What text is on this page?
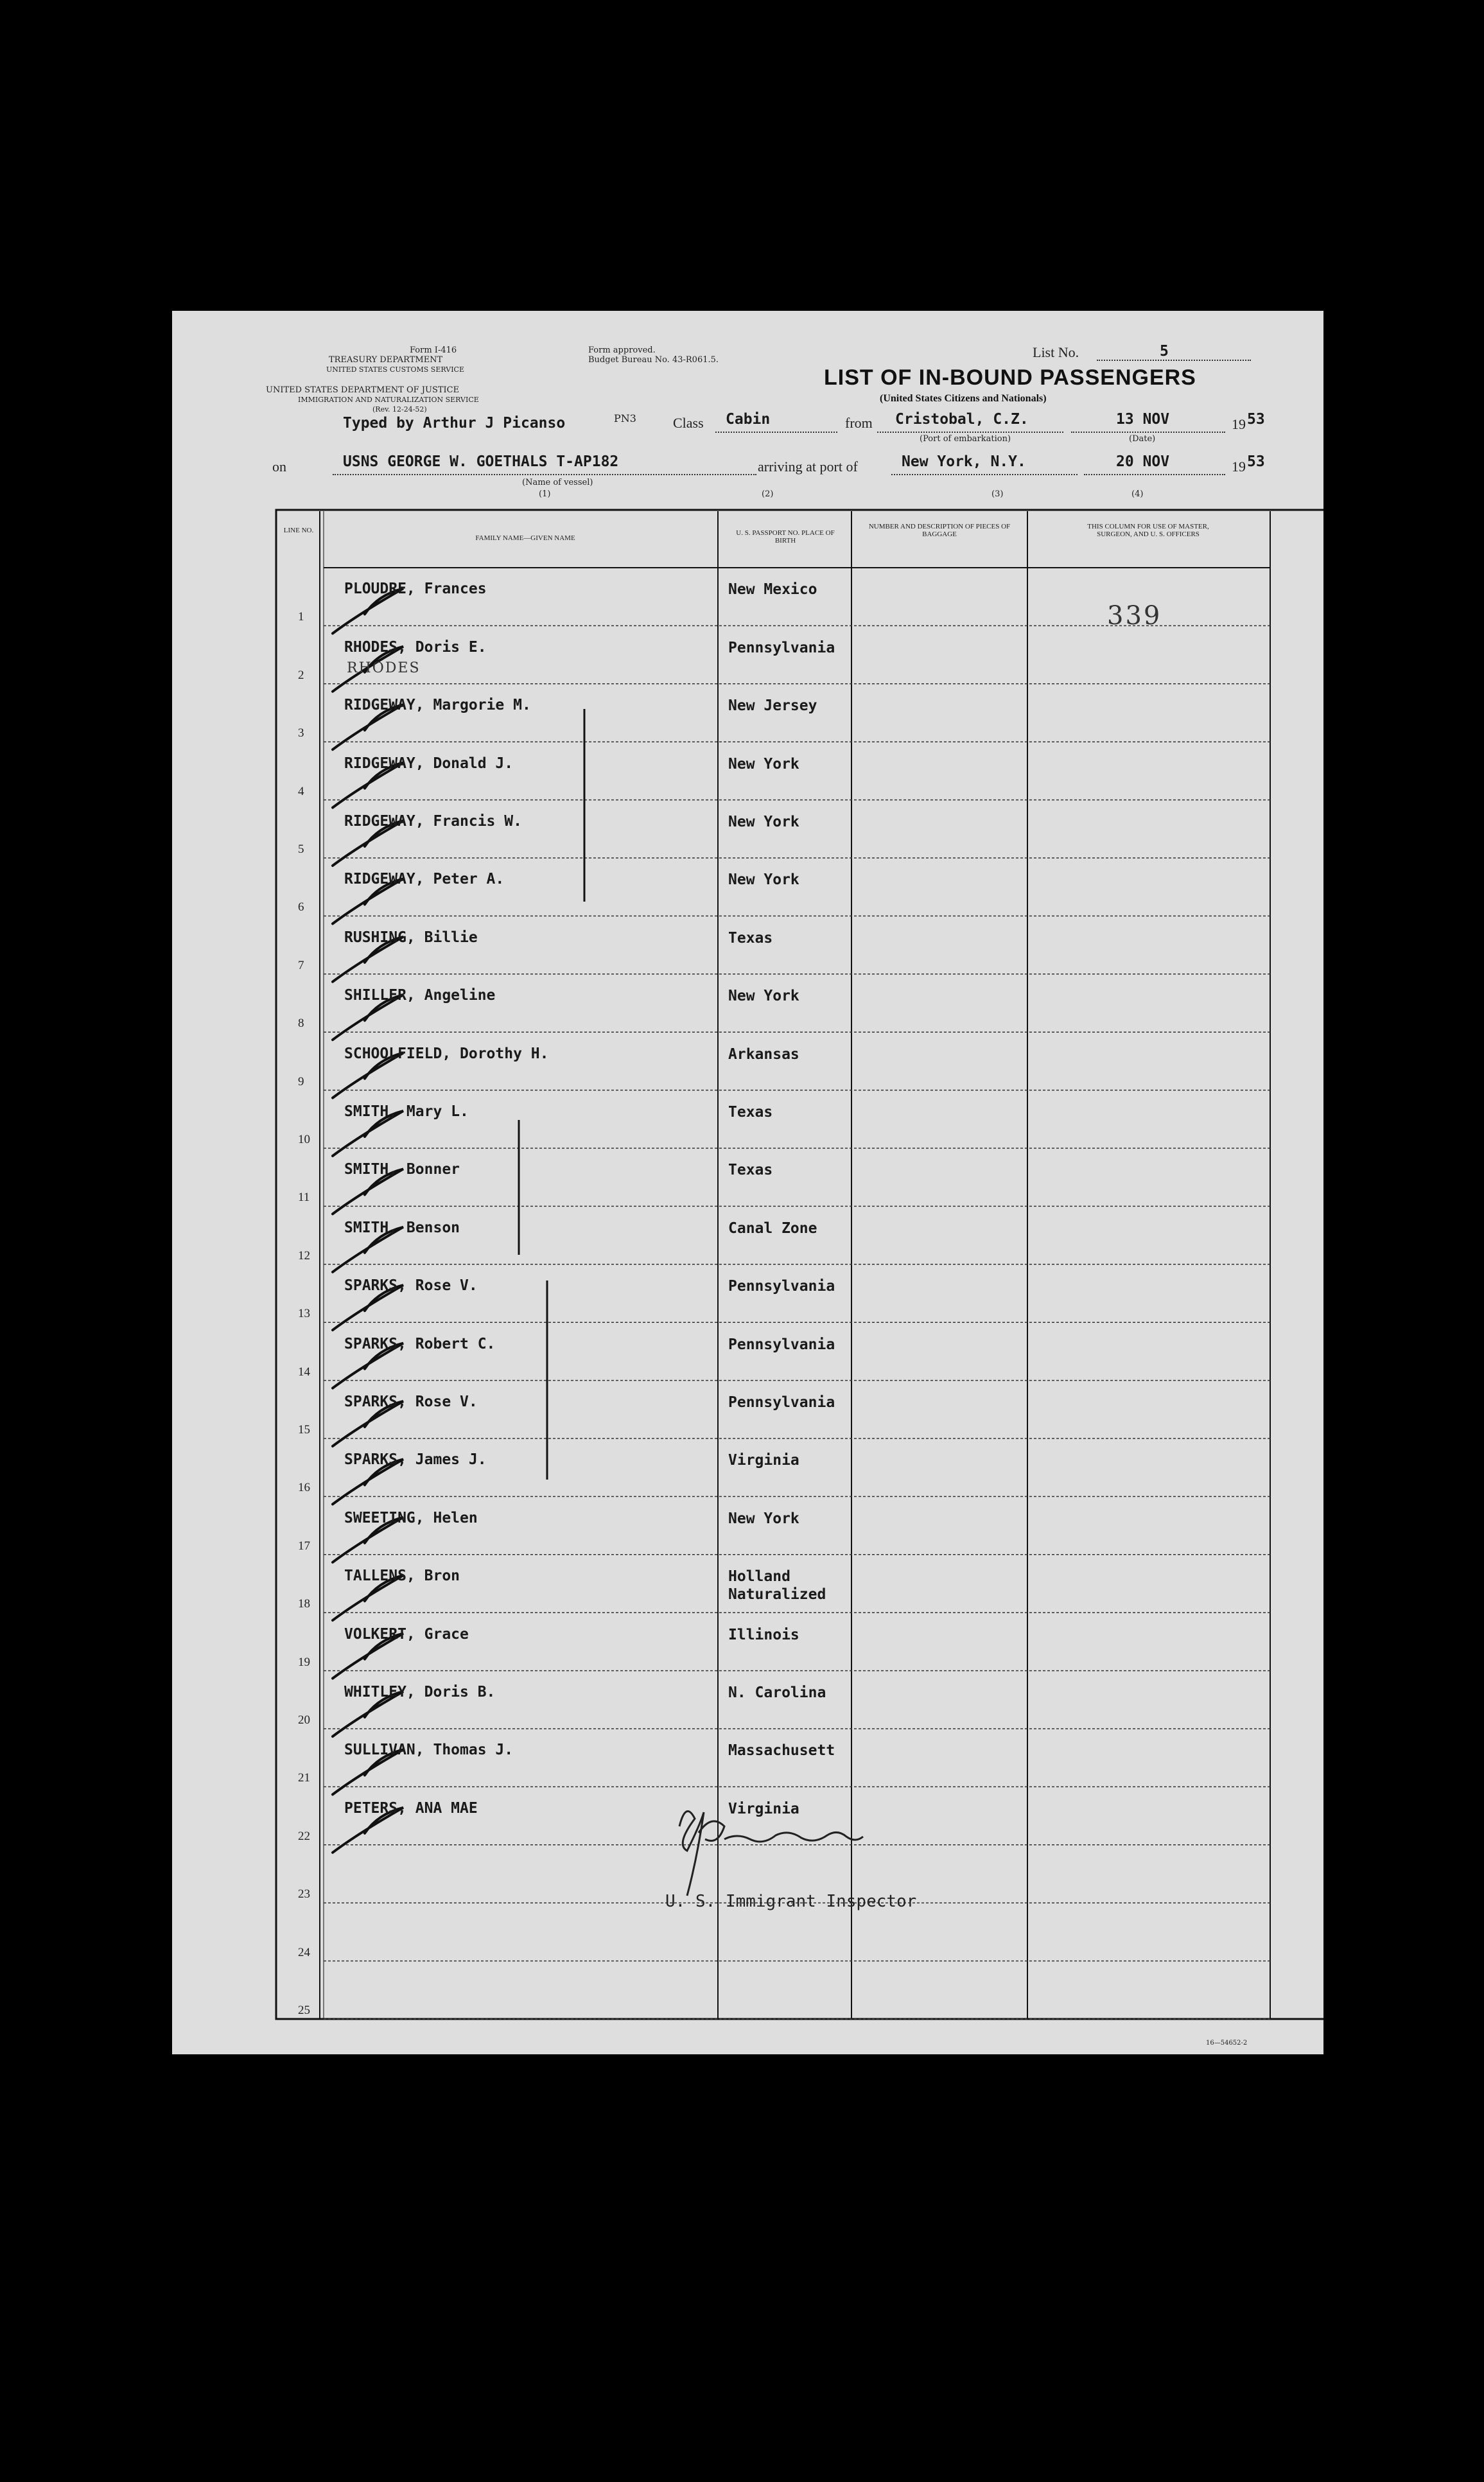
Form I-416
TREASURY DEPARTMENT
UNITED STATES CUSTOMS SERVICE
UNITED STATES DEPARTMENT OF JUSTICE
IMMIGRATION AND NATURALIZATION SERVICE
(Rev. 12-24-52)
Form approved.
Budget Bureau No. 43-R061.5.	List No.	5
LIST OF IN-BOUND PASSENGERS
(United States Citizens and Nationals)
Typed by Arthur J Picanso	PN3	Class Cabin	from Cristobal, C.Z.
(Port of embarkation)
13 NOV
(Date)
19 53
on	USNS GEORGE W. GOETHALS T-AP182
(Name of vessel)
(1)
arriving at port of	New York, N.Y.
(2)	(3)
20 NOV
(4)
19 53
LINE NO.
FAMILY NAME—GIVEN NAME
U. S. PASSPORT NO. PLACE OF BIRTH
NUMBER AND DESCRIPTION OF PIECES OF BAGGAGE
THIS COLUMN FOR USE OF MASTER, SURGEON, AND U. S. OFFICERS
1
PLOUDRE, Frances	New Mexico
2
RHODES, Doris E.	Pennsylvania
3
RIDGEWAY, Margorie M.	New Jersey
4
RIDGEWAY, Donald J.	New York
5
RIDGEWAY, Francis W.	New York
6
RIDGEWAY, Peter A.	New York
7
RUSHING, Billie	Texas
8
SHILLER, Angeline	New York
9
SCHOOLFIELD, Dorothy H.	Arkansas
10
SMITH, Mary L.	Texas
11
SMITH, Bonner	Texas
12
SMITH, Benson	Canal Zone
13
SPARKS, Rose V.	Pennsylvania
14
SPARKS, Robert C.	Pennsylvania
15
SPARKS, Rose V.	Pennsylvania
16
SPARKS, James J.	Virginia
17
SWEETING, Helen	New York
18
TALLENS, Bron	Holland
Naturalized
19
VOLKERT, Grace	Illinois
20
WHITLEY, Doris B.	N. Carolina
21
SULLIVAN, Thomas J.	Massachusett
22
PETERS, ANA MAE	Virginia
23
24
25
339
RHODES
U. S. Immigrant Inspector
16—54652-2
